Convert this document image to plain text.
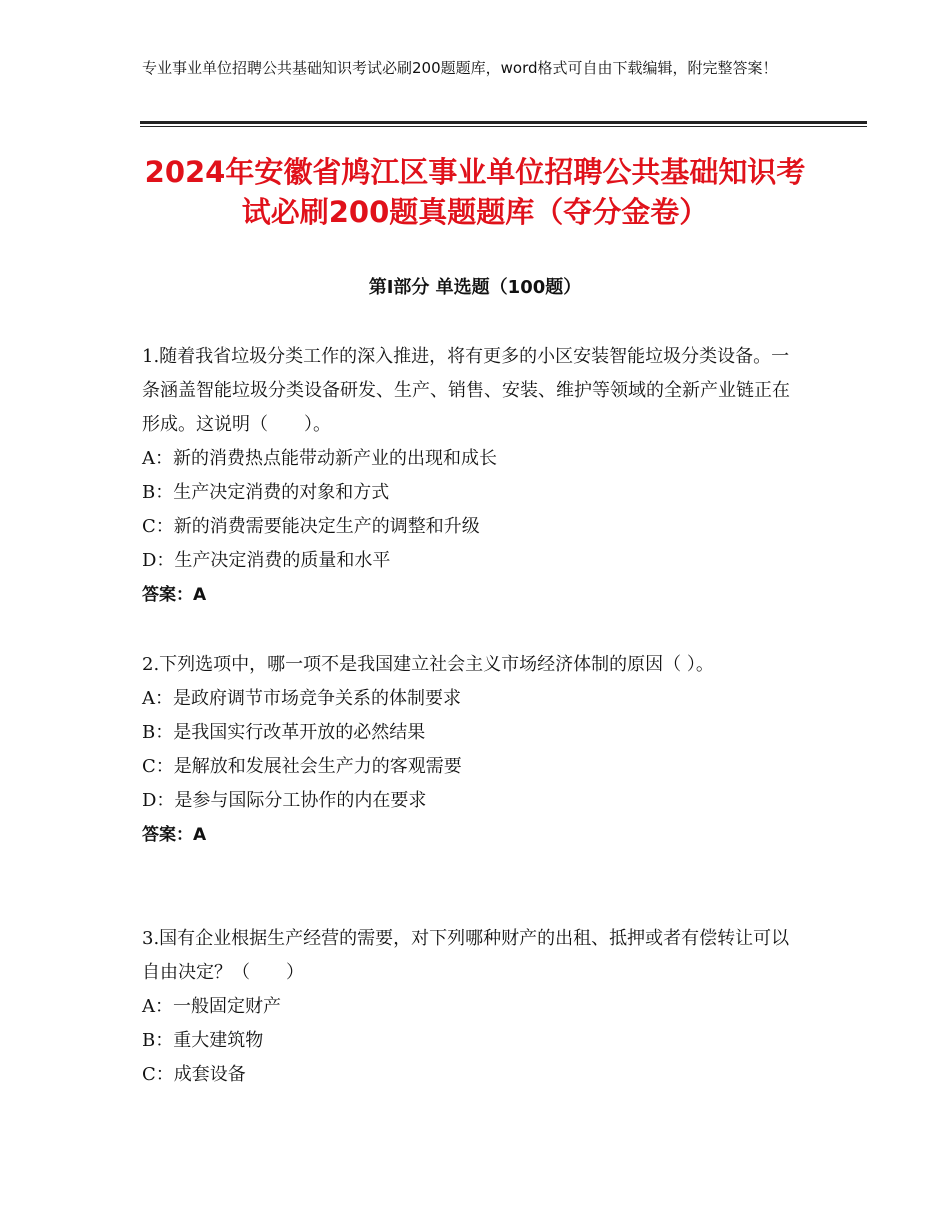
专业事业单位招聘公共基础知识考试必刷200题题库，word格式可自由下载编辑，附完整答案！
2024年安徽省鸠江区事业单位招聘公共基础知识考试必刷200题真题题库（夺分金卷）
第Ⅰ部分 单选题（100题）

1.随着我省垃圾分类工作的深入推进，将有更多的小区安装智能垃圾分类设备。一条涵盖智能垃圾分类设备研发、生产、销售、安装、维护等领域的全新产业链正在形成。这说明（　　）。

A：新的消费热点能带动新产业的出现和成长

B：生产决定消费的对象和方式

C：新的消费需要能决定生产的调整和升级

D：生产决定消费的质量和水平

答案：A

2.下列选项中，哪一项不是我国建立社会主义市场经济体制的原因（ ）。

A：是政府调节市场竞争关系的体制要求

B：是我国实行改革开放的必然结果

C：是解放和发展社会生产力的客观需要

D：是参与国际分工协作的内在要求

答案：A

3.国有企业根据生产经营的需要，对下列哪种财产的出租、抵押或者有偿转让可以自由决定？（　　）

A：一般固定财产

B：重大建筑物

C：成套设备
